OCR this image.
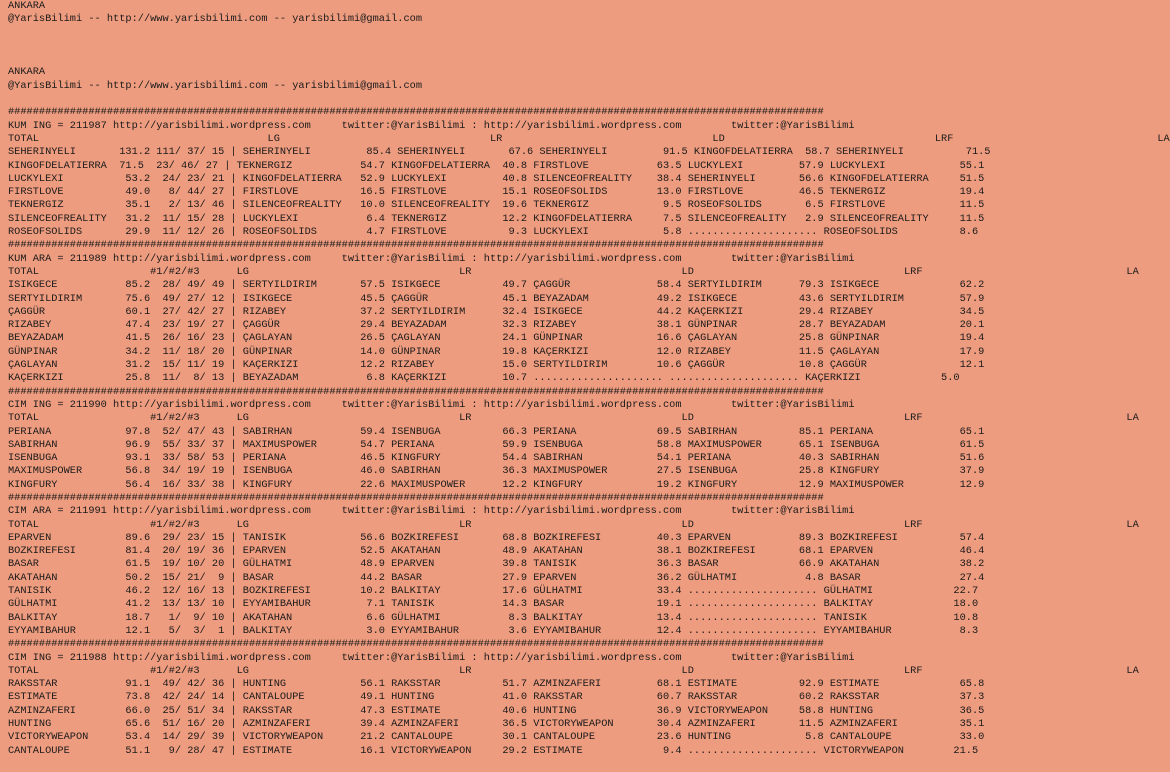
ANKARA
@YarisBilimi -- http://www.yarisbilimi.com -- yarisbilimi@gmail.com
ANKARA
@YarisBilimi -- http://www.yarisbilimi.com -- yarisbilimi@gmail.com
####################################################################################################################################
KUM ING = 211987 http://yarisbilimi.wordpress.com     twitter:@YarisBilimi : http://yarisbilimi.wordpress.com        twitter:@YarisBilimi
TOTAL                                     LG                                  LR                                  LD                                  LRF                                 LA
SEHERINYELI       131.2 111/ 37/ 15 | SEHERINYELI         85.4 SEHERINYELI       67.6 SEHERINYELI         91.5 KINGOFDELATIERRA  58.7 SEHERINYELI          71.5
KINGOFDELATIERRA  71.5  23/ 46/ 27 | TEKNERGIZ           54.7 KINGOFDELATIERRA  40.8 FIRSTLOVE           63.5 LUCKYLEXI         57.9 LUCKYLEXI            55.1
LUCKYLEXI          53.2  24/ 23/ 21 | KINGOFDELATIERRA   52.9 LUCKYLEXI         40.8 SILENCEOFREALITY    38.4 SEHERINYELI       56.6 KINGOFDELATIERRA     51.5
FIRSTLOVE          49.0   8/ 44/ 27 | FIRSTLOVE          16.5 FIRSTLOVE         15.1 ROSEOFSOLIDS        13.0 FIRSTLOVE         46.5 TEKNERGIZ            19.4
TEKNERGIZ          35.1   2/ 13/ 46 | SILENCEOFREALITY   10.0 SILENCEOFREALITY  19.6 TEKNERGIZ            9.5 ROSEOFSOLIDS       6.5 FIRSTLOVE            11.5
SILENCEOFREALITY   31.2  11/ 15/ 28 | LUCKYLEXI           6.4 TEKNERGIZ         12.2 KINGOFDELATIERRA     7.5 SILENCEOFREALITY   2.9 SILENCEOFREALITY     11.5
ROSEOFSOLIDS       29.9  11/ 12/ 26 | ROSEOFSOLIDS        4.7 FIRSTLOVE          9.3 LUCKYLEXI            5.8 ..................... ROSEOFSOLIDS          8.6
####################################################################################################################################
KUM ARA = 211989 http://yarisbilimi.wordpress.com     twitter:@YarisBilimi : http://yarisbilimi.wordpress.com        twitter:@YarisBilimi
TOTAL                  #1/#2/#3      LG                                  LR                                  LD                                  LRF                                 LA
ISIKGECE           85.2  28/ 49/ 49 | SERTYILDIRIM       57.5 ISIKGECE          49.7 ÇAGGÜR              58.4 SERTYILDIRIM      79.3 ISIKGECE             62.2
SERTYILDIRIM       75.6  49/ 27/ 12 | ISIKGECE           45.5 ÇAGGÜR            45.1 BEYAZADAM           49.2 ISIKGECE          43.6 SERTYILDIRIM         57.9
ÇAGGÜR             60.1  27/ 42/ 27 | RIZABEY            37.2 SERTYILDIRIM      32.4 ISIKGECE            44.2 KAÇERKIZI         29.4 RIZABEY              34.5
RIZABEY            47.4  23/ 19/ 27 | ÇAGGÜR             29.4 BEYAZADAM         32.3 RIZABEY             38.1 GÜNPINAR          28.7 BEYAZADAM            20.1
BEYAZADAM          41.5  26/ 16/ 23 | ÇAGLAYAN           26.5 ÇAGLAYAN          24.1 GÜNPINAR            16.6 ÇAGLAYAN          25.8 GÜNPINAR             19.4
GÜNPINAR           34.2  11/ 18/ 20 | GÜNPINAR           14.0 GÜNPINAR          19.8 KAÇERKIZI           12.0 RIZABEY           11.5 ÇAGLAYAN             17.9
ÇAGLAYAN           31.2  15/ 11/ 19 | KAÇERKIZI          12.2 RIZABEY           15.0 SERTYILDIRIM        10.6 ÇAGGÜR            10.8 ÇAGGÜR               12.1
KAÇERKIZI          25.8  11/  8/ 13 | BEYAZADAM           6.8 KAÇERKIZI         10.7 ..................... ..................... KAÇERKIZI             5.0
####################################################################################################################################
CIM ING = 211990 http://yarisbilimi.wordpress.com     twitter:@YarisBilimi : http://yarisbilimi.wordpress.com        twitter:@YarisBilimi
TOTAL                  #1/#2/#3      LG                                  LR                                  LD                                  LRF                                 LA
PERIANA            97.8  52/ 47/ 43 | SABIRHAN           59.4 ISENBUGA          66.3 PERIANA             69.5 SABIRHAN          85.1 PERIANA              65.1
SABIRHAN           96.9  55/ 33/ 37 | MAXIMUSPOWER       54.7 PERIANA           59.9 ISENBUGA            58.8 MAXIMUSPOWER      65.1 ISENBUGA             61.5
ISENBUGA           93.1  33/ 58/ 53 | PERIANA            46.5 KINGFURY          54.4 SABIRHAN            54.1 PERIANA           40.3 SABIRHAN             51.6
MAXIMUSPOWER       56.8  34/ 19/ 19 | ISENBUGA           46.0 SABIRHAN          36.3 MAXIMUSPOWER        27.5 ISENBUGA          25.8 KINGFURY             37.9
KINGFURY           56.4  16/ 33/ 38 | KINGFURY           22.6 MAXIMUSPOWER      12.2 KINGFURY            19.2 KINGFURY          12.9 MAXIMUSPOWER         12.9
####################################################################################################################################
CIM ARA = 211991 http://yarisbilimi.wordpress.com     twitter:@YarisBilimi : http://yarisbilimi.wordpress.com        twitter:@YarisBilimi
TOTAL                  #1/#2/#3      LG                                  LR                                  LD                                  LRF                                 LA
EPARVEN            89.6  29/ 23/ 15 | TANISIK            56.6 BOZKIREFESI       68.8 BOZKIREFESI         40.3 EPARVEN           89.3 BOZKIREFESI          57.4
BOZKIREFESI        81.4  20/ 19/ 36 | EPARVEN            52.5 AKATAHAN          48.9 AKATAHAN            38.1 BOZKIREFESI       68.1 EPARVEN              46.4
BASAR              61.5  19/ 10/ 20 | GÜLHATMI           48.9 EPARVEN           39.8 TANISIK             36.3 BASAR             66.9 AKATAHAN             38.2
AKATAHAN           50.2  15/ 21/  9 | BASAR              44.2 BASAR             27.9 EPARVEN             36.2 GÜLHATMI           4.8 BASAR                27.4
TANISIK            46.2  12/ 16/ 13 | BOZKIREFESI        10.2 BALKITAY          17.6 GÜLHATMI            33.4 ..................... GÜLHATMI             22.7
GÜLHATMI           41.2  13/ 13/ 10 | EYYAMIBAHUR         7.1 TANISIK           14.3 BASAR               19.1 ..................... BALKITAY             18.0
BALKITAY           18.7   1/  9/ 10 | AKATAHAN            6.6 GÜLHATMI           8.3 BALKITAY            13.4 ..................... TANISIK              10.8
EYYAMIBAHUR        12.1   5/  3/  1 | BALKITAY            3.0 EYYAMIBAHUR        3.6 EYYAMIBAHUR         12.4 ..................... EYYAMIBAHUR           8.3
####################################################################################################################################
CIM ING = 211988 http://yarisbilimi.wordpress.com     twitter:@YarisBilimi : http://yarisbilimi.wordpress.com        twitter:@YarisBilimi
TOTAL                  #1/#2/#3      LG                                  LR                                  LD                                  LRF                                 LA
RAKSSTAR           91.1  49/ 42/ 36 | HUNTING            56.1 RAKSSTAR          51.7 AZMINZAFERI         68.1 ESTIMATE          92.9 ESTIMATE             65.8
ESTIMATE           73.8  42/ 24/ 14 | CANTALOUPE         49.1 HUNTING           41.0 RAKSSTAR            60.7 RAKSSTAR          60.2 RAKSSTAR             37.3
AZMINZAFERI        66.0  25/ 51/ 34 | RAKSSTAR           47.3 ESTIMATE          40.6 HUNTING             36.9 VICTORYWEAPON     58.8 HUNTING              36.5
HUNTING            65.6  51/ 16/ 20 | AZMINZAFERI        39.4 AZMINZAFERI       36.5 VICTORYWEAPON       30.4 AZMINZAFERI       11.5 AZMINZAFERI          35.1
VICTORYWEAPON      53.4  14/ 29/ 39 | VICTORYWEAPON      21.2 CANTALOUPE        30.1 CANTALOUPE          23.6 HUNTING            5.8 CANTALOUPE           33.0
CANTALOUPE         51.1   9/ 28/ 47 | ESTIMATE           16.1 VICTORYWEAPON     29.2 ESTIMATE             9.4 ..................... VICTORYWEAPON        21.5
